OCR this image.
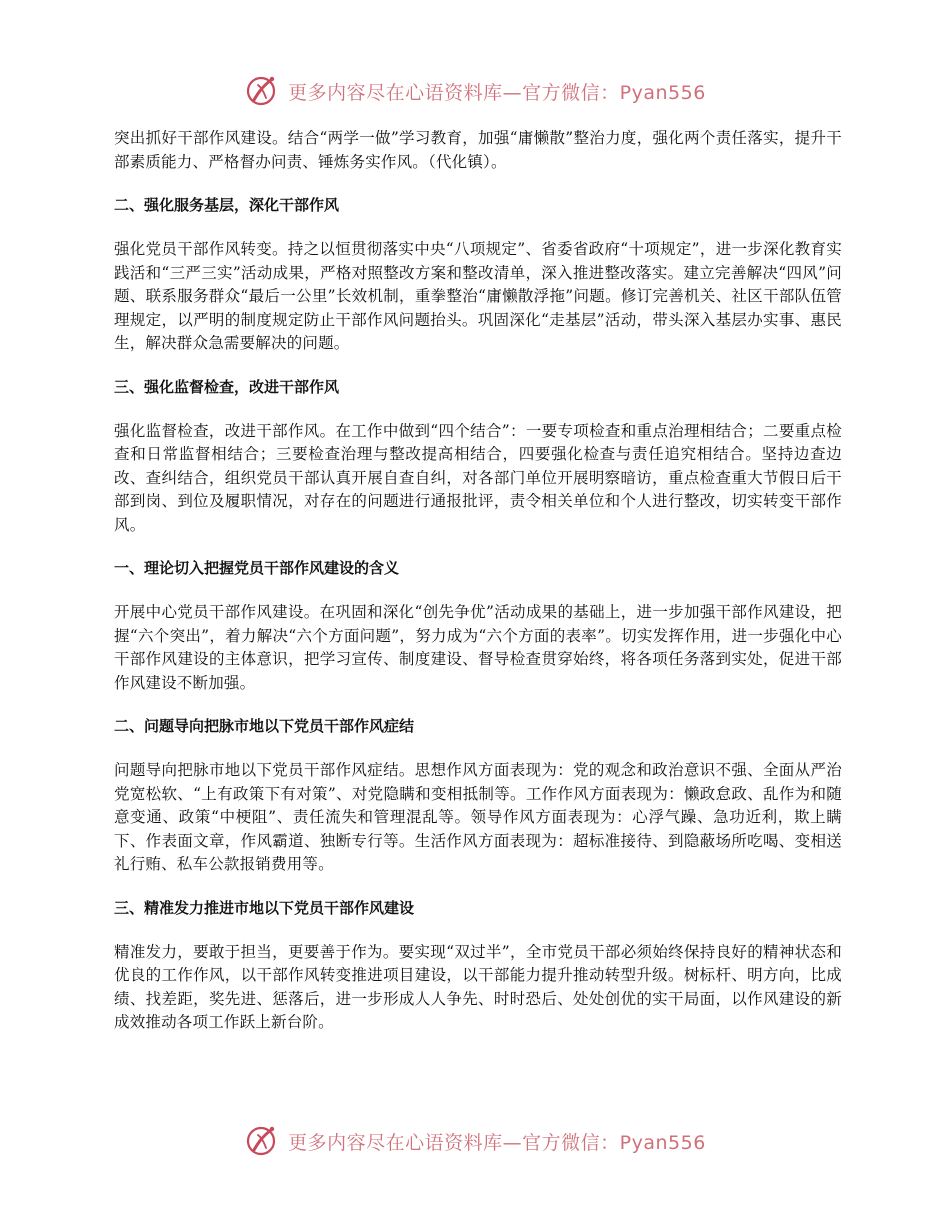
更多内容尽在心语资料库—官方微信：Pyan556

突出抓好干部作风建设。结合“两学一做”学习教育，加强“庸懒散”整治力度，强化两个责任落实，提升干部素质能力、严格督办问责、锤炼务实作风。（代化镇）。

二、强化服务基层，深化干部作风

强化党员干部作风转变。持之以恒贯彻落实中央“八项规定”、省委省政府“十项规定”，进一步深化教育实践活和“三严三实”活动成果，严格对照整改方案和整改清单，深入推进整改落实。建立完善解决“四风”问题、联系服务群众“最后一公里”长效机制，重拳整治“庸懒散浮拖”问题。修订完善机关、社区干部队伍管理规定，以严明的制度规定防止干部作风问题抬头。巩固深化“走基层”活动，带头深入基层办实事、惠民生，解决群众急需要解决的问题。

三、强化监督检查，改进干部作风

强化监督检查，改进干部作风。在工作中做到“四个结合”：一要专项检查和重点治理相结合；二要重点检查和日常监督相结合；三要检查治理与整改提高相结合，四要强化检查与责任追究相结合。坚持边查边改、查纠结合，组织党员干部认真开展自查自纠，对各部门单位开展明察暗访，重点检查重大节假日后干部到岗、到位及履职情况，对存在的问题进行通报批评，责令相关单位和个人进行整改，切实转变干部作风。

一、理论切入把握党员干部作风建设的含义

开展中心党员干部作风建设。在巩固和深化“创先争优”活动成果的基础上，进一步加强干部作风建设，把握“六个突出”，着力解决“六个方面问题”，努力成为“六个方面的表率”。切实发挥作用，进一步强化中心干部作风建设的主体意识，把学习宣传、制度建设、督导检查贯穿始终，将各项任务落到实处，促进干部作风建设不断加强。

二、问题导向把脉市地以下党员干部作风症结

问题导向把脉市地以下党员干部作风症结。思想作风方面表现为：党的观念和政治意识不强、全面从严治党宽松软、“上有政策下有对策”、对党隐瞒和变相抵制等。工作作风方面表现为：懒政怠政、乱作为和随意变通、政策“中梗阻”、责任流失和管理混乱等。领导作风方面表现为：心浮气躁、急功近利，欺上瞒下、作表面文章，作风霸道、独断专行等。生活作风方面表现为：超标准接待、到隐蔽场所吃喝、变相送礼行贿、私车公款报销费用等。

三、精准发力推进市地以下党员干部作风建设

精准发力，要敢于担当，更要善于作为。要实现“双过半”，全市党员干部必须始终保持良好的精神状态和优良的工作作风，以干部作风转变推进项目建设，以干部能力提升推动转型升级。树标杆、明方向，比成绩、找差距，奖先进、惩落后，进一步形成人人争先、时时恐后、处处创优的实干局面，以作风建设的新成效推动各项工作跃上新台阶。

更多内容尽在心语资料库—官方微信：Pyan556
